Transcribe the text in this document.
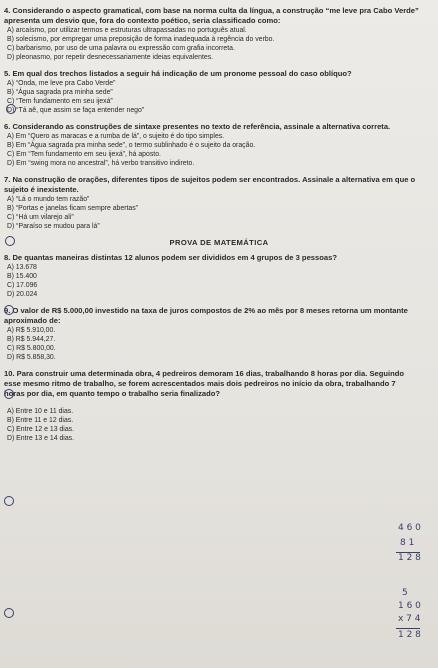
4. Considerando o aspecto gramatical, com base na norma culta da língua, a construção “me leve pra Cabo Verde” apresenta um desvio que, fora do contexto poético, seria classificado como:
A) arcaísmo, por utilizar termos e estruturas ultrapassadas no português atual.
B) solecismo, por empregar uma preposição de forma inadequada à regência do verbo.
C) barbarismo, por uso de uma palavra ou expressão com grafia incorreta.
D) pleonasmo, por repetir desnecessariamente ideias equivalentes.
5. Em qual dos trechos listados a seguir há indicação de um pronome pessoal do caso oblíquo?
A) “Onda, me leve pra Cabo Verde”
B) “Água sagrada pra minha sede”
C) “Tem fundamento em seu ijexá”
D) “Tá aê, que assim se faça entender nego”
6. Considerando as construções de sintaxe presentes no texto de referência, assinale a alternativa correta.
A) Em “Quero as maracas e a rumba de lá”, o sujeito é do tipo simples.
B) Em “Água sagrada pra minha sede”, o termo sublinhado é o sujeito da oração.
C) Em “Tem fundamento em seu ijexá”, há aposto.
D) Em “swing mora no ancestral”, há verbo transitivo indireto.
7. Na construção de orações, diferentes tipos de sujeitos podem ser encontrados. Assinale a alternativa em que o sujeito é inexistente.
A) “Lá o mundo tem razão”
B) “Portas e janelas ficam sempre abertas”
C) “Há um vilarejo ali”
D) “Paraíso se mudou para lá”
PROVA DE MATEMÁTICA
8. De quantas maneiras distintas 12 alunos podem ser divididos em 4 grupos de 3 pessoas?
A) 13.678
B) 15.400
C) 17.096
D) 20.024
9. O valor de R$ 5.000,00 investido na taxa de juros compostos de 2% ao mês por 8 meses retorna um montante aproximado de:
A) R$ 5.910,00.
B) R$ 5.944,27.
C) R$ 5.800,00.
D) R$ 5.858,30.
10. Para construir uma determinada obra, 4 pedreiros demoram 16 dias, trabalhando 8 horas por dia. Seguindo esse mesmo ritmo de trabalho, se forem acrescentados mais dois pedreiros no início da obra, trabalhando 7 horas por dia, em quanto tempo o trabalho seria finalizado?
A) Entre 10 e 11 dias.
B) Entre 11 e 12 dias.
C) Entre 12 e 13 dias.
D) Entre 13 e 14 dias.
4 6 0
8 1
1 2 8
5
1 6 0
x 7 4
1 2 8
